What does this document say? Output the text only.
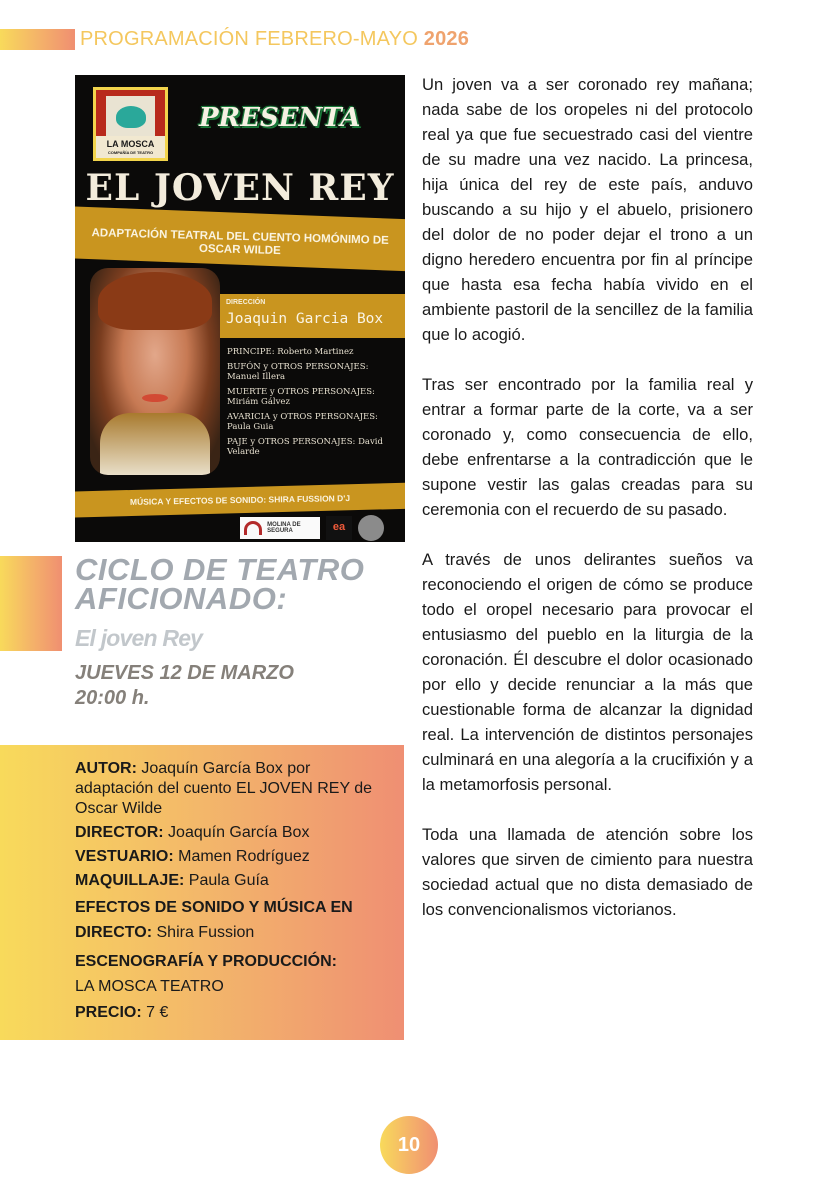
PROGRAMACIÓN FEBRERO-MAYO 2026
LA MOSCA
COMPAÑÍA DE TEATRO
PRESENTA
EL JOVEN REY
ADAPTACIÓN TEATRAL DEL CUENTO HOMÓNIMO DE OSCAR WILDE
DIRECCIÓN
Joaquin Garcia Box
PRINCIPE: Roberto Martinez
BUFÓN y OTROS PERSONAJES: Manuel Illera
MUERTE y OTROS PERSONAJES: Miriám Gálvez
AVARICIA y OTROS PERSONAJES: Paula Guia
PAJE y OTROS PERSONAJES: David Velarde
MÚSICA Y EFECTOS DE SONIDO: SHIRA FUSSION D'J
MOLINA DE SEGURA	ea
CICLO DE TEATRO
AFICIONADO:
El joven Rey
JUEVES 12 DE MARZO
20:00 h.
AUTOR: Joaquín García Box por adaptación del cuento EL JOVEN REY de Oscar Wilde
DIRECTOR: Joaquín García Box
VESTUARIO: Mamen Rodríguez
MAQUILLAJE: Paula Guía
EFECTOS DE SONIDO Y MÚSICA EN DIRECTO: Shira Fussion
ESCENOGRAFÍA Y PRODUCCIÓN:
LA MOSCA TEATRO
PRECIO: 7 €

Un joven va a ser coronado rey mañana; nada sabe de los oropeles ni del protocolo real ya que fue secuestrado casi del vientre de su madre una vez nacido. La princesa, hija única del rey de este país, anduvo buscando a su hijo y el abuelo, prisionero del dolor de no poder dejar el trono a un digno heredero encuentra por fin al príncipe que hasta esa fecha había vivido en el ambiente pastoril de la sencillez de la familia que lo acogió.

Tras ser encontrado por la familia real y entrar a formar parte de la corte, va a ser coronado y, como consecuencia de ello, debe enfrentarse a la contradicción que le supone vestir las galas creadas para su ceremonia con el recuerdo de su pasado.

A través de unos delirantes sueños va reconociendo el origen de cómo se produce todo el oropel necesario para provocar el entusiasmo del pueblo en la liturgia de la coronación. Él descubre el dolor ocasionado por ello y decide renunciar a la más que cuestionable forma de alcanzar la dignidad real. La intervención de distintos personajes culminará en una alegoría a la crucifixión y a la metamorfosis personal.

Toda una llamada de atención sobre los valores que sirven de cimiento para nuestra sociedad actual que no dista demasiado de los convencionalismos victorianos.

10
